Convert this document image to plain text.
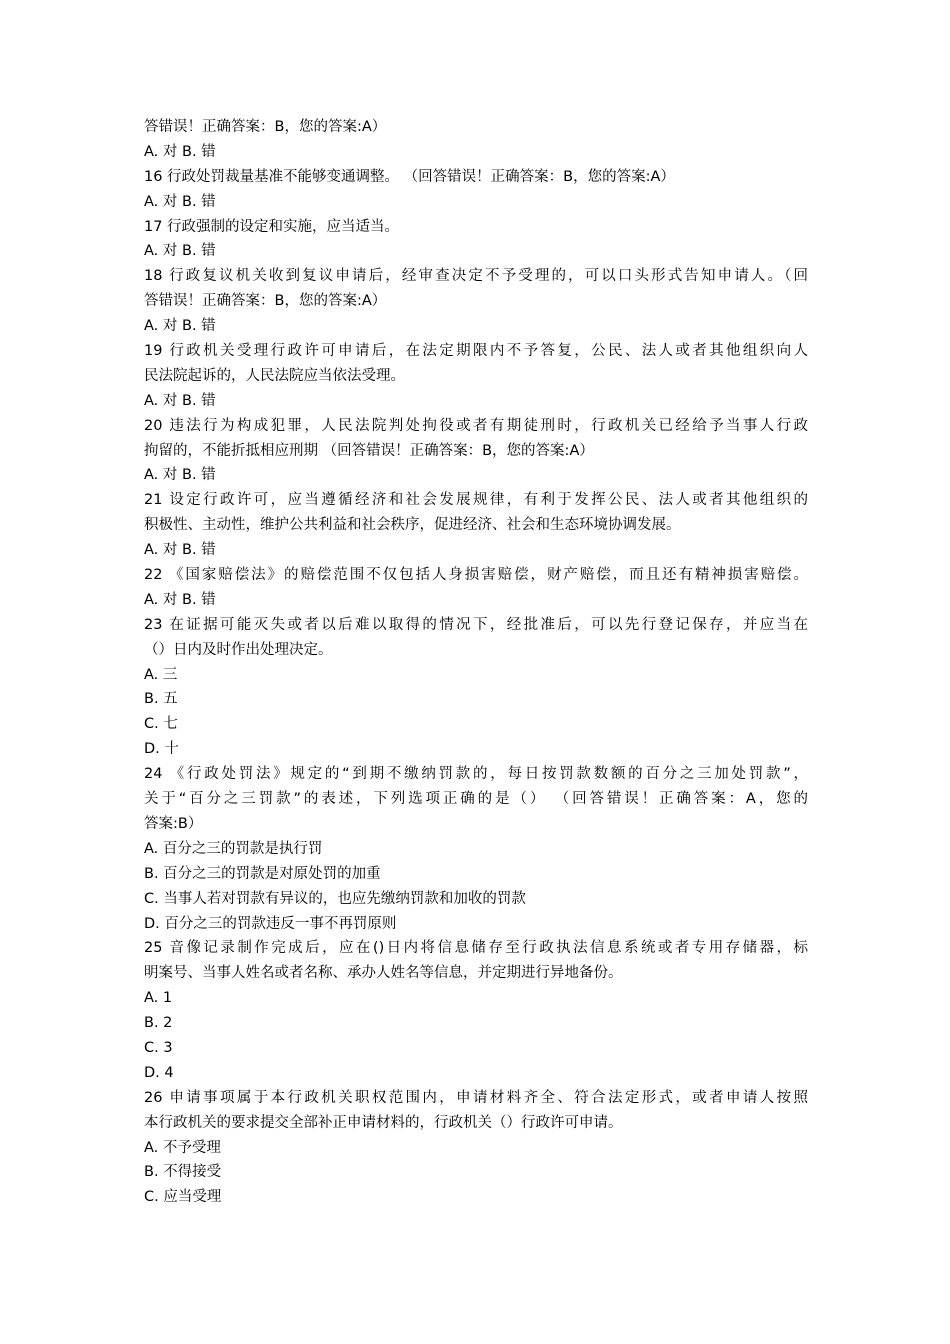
答错误！正确答案：B，您的答案:A）
A. 对 B. 错
16 行政处罚裁量基准不能够变通调整。 （回答错误！正确答案：B，您的答案:A）
A. 对 B. 错
17 行政强制的设定和实施，应当适当。
A. 对 B. 错
18 行政复议机关收到复议申请后，经审查决定不予受理的，可以口头形式告知申请人。（回
答错误！正确答案：B，您的答案:A）
A. 对 B. 错
19 行政机关受理行政许可申请后，在法定期限内不予答复，公民、法人或者其他组织向人
民法院起诉的，人民法院应当依法受理。
A. 对 B. 错
20 违法行为构成犯罪，人民法院判处拘役或者有期徒刑时，行政机关已经给予当事人行政
拘留的，不能折抵相应刑期 （回答错误！正确答案：B，您的答案:A）
A. 对 B. 错
21 设定行政许可，应当遵循经济和社会发展规律，有利于发挥公民、法人或者其他组织的
积极性、主动性，维护公共利益和社会秩序，促进经济、社会和生态环境协调发展。
A. 对 B. 错
22 《国家赔偿法》的赔偿范围不仅包括人身损害赔偿，财产赔偿，而且还有精神损害赔偿。
A. 对 B. 错
23 在证据可能灭失或者以后难以取得的情况下，经批准后，可以先行登记保存，并应当在
（）日内及时作出处理决定。
A. 三
B. 五
C. 七
D. 十
24 《行政处罚法》规定的“到期不缴纳罚款的，每日按罚款数额的百分之三加处罚款”，
关于“百分之三罚款”的表述，下列选项正确的是（） （回答错误！正确答案：A，您的
答案:B）
A. 百分之三的罚款是执行罚
B. 百分之三的罚款是对原处罚的加重
C. 当事人若对罚款有异议的，也应先缴纳罚款和加收的罚款
D. 百分之三的罚款违反一事不再罚原则
25 音像记录制作完成后，应在()日内将信息储存至行政执法信息系统或者专用存储器，标
明案号、当事人姓名或者名称、承办人姓名等信息，并定期进行异地备份。
A. 1
B. 2
C. 3
D. 4
26 申请事项属于本行政机关职权范围内，申请材料齐全、符合法定形式，或者申请人按照
本行政机关的要求提交全部补正申请材料的，行政机关（）行政许可申请。
A. 不予受理
B. 不得接受
C. 应当受理
